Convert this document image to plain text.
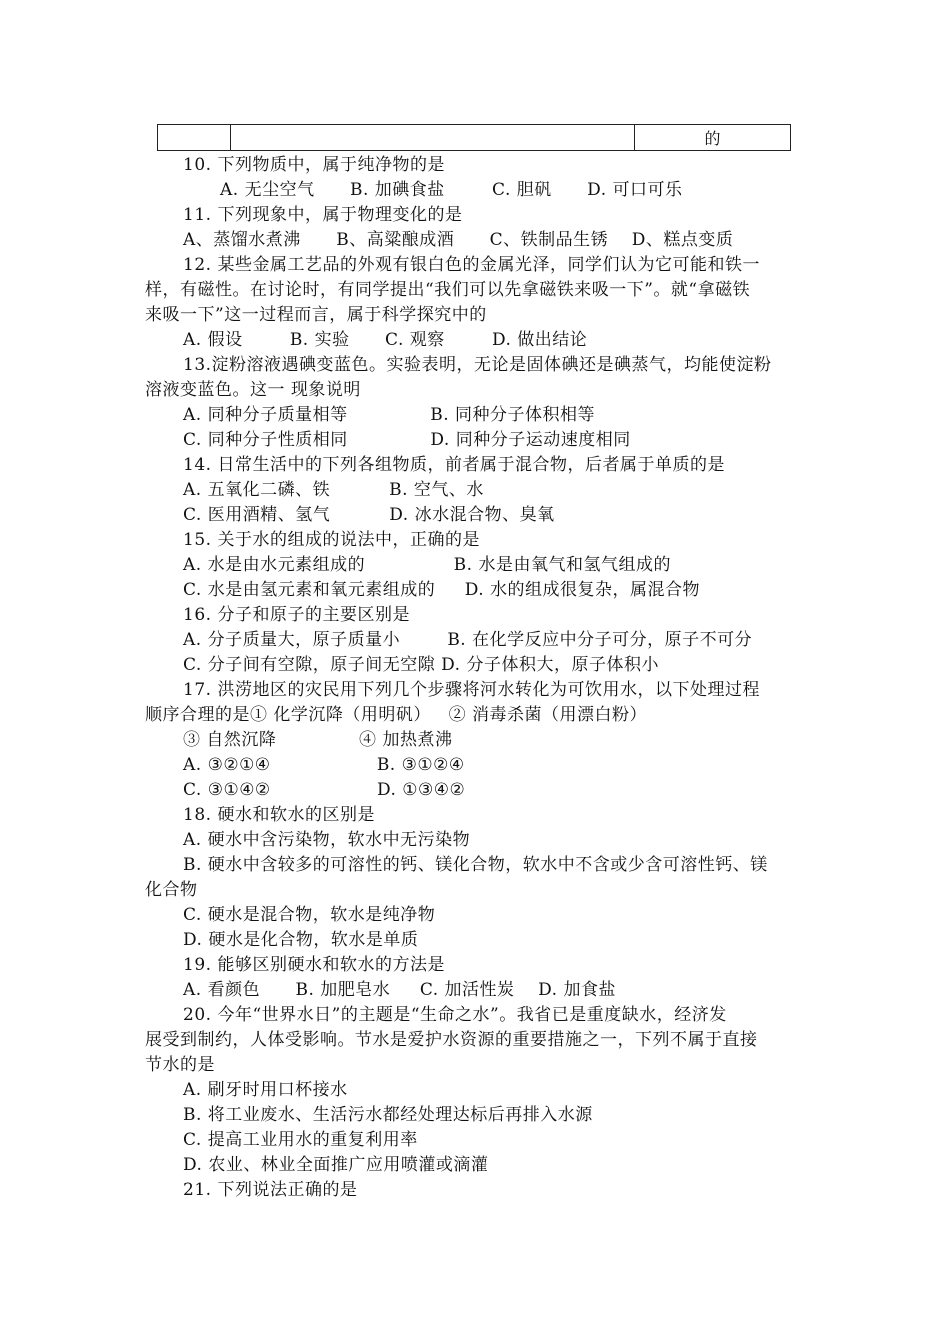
		的
10. 下列物质中，属于纯净物的是
A. 无尘空气      B. 加碘食盐        C. 胆矾      D. 可口可乐
11. 下列现象中，属于物理变化的是
A、蒸馏水煮沸      B、高粱酿成酒      C、铁制品生锈    D、糕点变质
12. 某些金属工艺品的外观有银白色的金属光泽，同学们认为它可能和铁一
样，有磁性。在讨论时，有同学提出“我们可以先拿磁铁来吸一下”。就“拿磁铁
来吸一下”这一过程而言，属于科学探究中的
A. 假设        B. 实验      C. 观察        D. 做出结论
13.淀粉溶液遇碘变蓝色。实验表明，无论是固体碘还是碘蒸气，均能使淀粉
溶液变蓝色。这一 现象说明
A. 同种分子质量相等              B. 同种分子体积相等
C. 同种分子性质相同              D. 同种分子运动速度相同
14. 日常生活中的下列各组物质，前者属于混合物，后者属于单质的是
A. 五氧化二磷、铁          B. 空气、水
C. 医用酒精、氢气          D. 冰水混合物、臭氧
15. 关于水的组成的说法中，正确的是
A. 水是由水元素组成的               B. 水是由氧气和氢气组成的
C. 水是由氢元素和氧元素组成的     D. 水的组成很复杂，属混合物
16. 分子和原子的主要区别是
A. 分子质量大，原子质量小        B. 在化学反应中分子可分，原子不可分
C. 分子间有空隙，原子间无空隙 D. 分子体积大，原子体积小
17. 洪涝地区的灾民用下列几个步骤将河水转化为可饮用水，以下处理过程
顺序合理的是① 化学沉降（用明矾）   ② 消毒杀菌（用漂白粉）
③ 自然沉降              ④ 加热煮沸
A. ③②①④                  B. ③①②④
C. ③①④②                  D. ①③④②
18. 硬水和软水的区别是
A. 硬水中含污染物，软水中无污染物
B. 硬水中含较多的可溶性的钙、镁化合物，软水中不含或少含可溶性钙、镁
化合物
C. 硬水是混合物，软水是纯净物
D. 硬水是化合物，软水是单质
19. 能够区别硬水和软水的方法是
A. 看颜色      B. 加肥皂水     C. 加活性炭    D. 加食盐
20. 今年“世界水日”的主题是“生命之水”。我省已是重度缺水，经济发
展受到制约，人体受影响。节水是爱护水资源的重要措施之一，下列不属于直接
节水的是
A. 刷牙时用口杯接水
B. 将工业废水、生活污水都经处理达标后再排入水源
C. 提高工业用水的重复利用率
D. 农业、林业全面推广应用喷灌或滴灌
21. 下列说法正确的是
